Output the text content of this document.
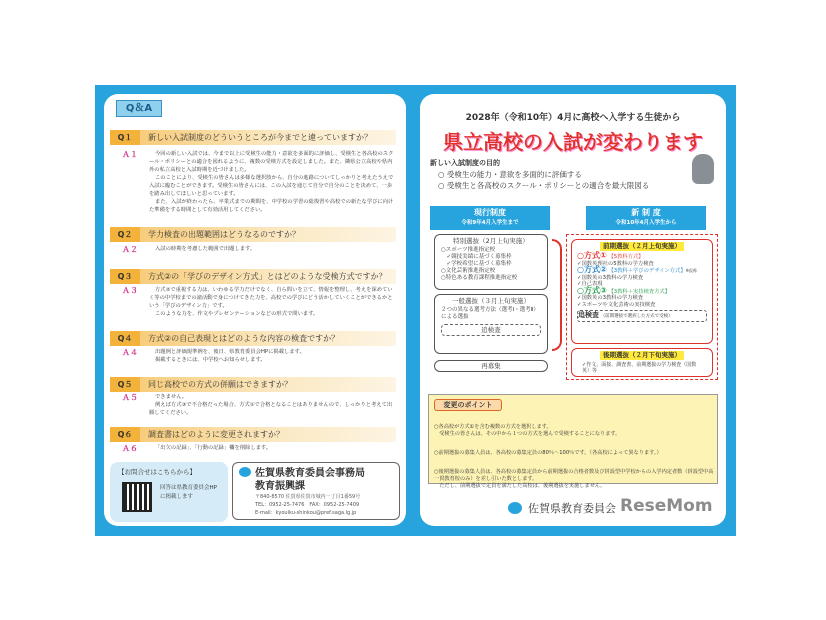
Q＆A
Q１ 新しい入試制度のどういうところが今までと違っていますか？
Ａ１	今回の新しい入試では、今まで以上に受検生の能力・意欲を多面的に評価し、受検生と各高校のスクール・ポリシーとの適合を図れるように、複数の受検方式を設定しました。また、隣県公立高校や県内外の私立高校と入試時期を近づけました。
このことにより、受検生の皆さんは多様な選択肢から、自分の進路についてしっかりと考えたうえで入試に臨むことができます。受検生の皆さんには、この入試を通じて自分で自分のことを決めて、一歩を踏み出してほしいと思っています。
また、入試が終わったら、卒業式までの期間を、中学校の学習の総復習や高校での新たな学びに向けた準備をする時間として有効活用してください。
Q２ 学力検査の出題範囲はどうなるのですか？
Ａ２	入試の時期を考慮した範囲で出題します。
Q３ 方式②の「学びのデザイン方式」とはどのような受検方式ですか？
Ａ３	方式②で重視する力は、いわゆる学力だけでなく、自ら問いを立て、情報を整理し、考えを深めていく等の中学校までの諸活動で身につけてきた力を、高校での学びにどう活かしていくことができるかという「学びのデザイン力」です。
このような力を、作文やプレゼンテーションなどの形式で問います。
Q４ 方式②の自己表現とはどのような内容の検査ですか？
Ａ４	出題例と評価規準例を、後日、県教育委員会HPに掲載します。
掲載するときには、中学校へお知らせします。
Q５ 同じ高校での方式の併願はできますか？
Ａ５	できません。
例えば方式③で不合格だった場合、方式①で合格となることはありませんので、しっかりと考えて出願してください。
Q６ 調査書はどのように変更されますか？
Ａ６	「出欠の記録」、「行動の記録」欄を削除します。
【お問合せはこちらから】
回答は県教育委員会HPに掲載します
佐賀県教育委員会事務局
教育振興課
〒840-8570 佐賀県佐賀市城内一丁目1番59号
TEL：0952-25-7476　FAX：0952-25-7409
E-mail：kyouiku-shinkou@pref.saga.lg.jp
2028年（令和10年）4月に高校へ入学する生徒から
県立高校の入試が変わります
新しい入試制度の目的
○ 受検生の能力・意欲を多面的に評価する
○ 受検生と各高校のスクール・ポリシーとの適合を最大限図る
現行制度
令和9年4月入学生まで
特別選抜（2月上旬実施）
○スポーツ推進指定校
　✓競技実績に基づく募集枠
　✓学校希望に基づく募集枠
○文化芸術推進指定校
○特色ある教育課程推進指定校
一般選抜（３月上旬実施）
２つの異なる選考方法（選考Ⅰ・選考Ⅱ）による選抜
追検査
再募集
新 制 度
令和10年4月入学生から
前期選抜（２月上旬実施）
○方式① 【5教科方式】
✓国数英理社の5教科の学力検査
○方式② 【3教科＋学びのデザイン方式】※仮称
✓国数英の3教科の学力検査
✓自己表現
○方式③ 【3教科＋実技検査方式】
✓国数英の3教科の学力検査
✓スポーツや文化芸術の実技検査
追検査 （前期選抜で選択した方式で受検）
後期選抜（２月下旬実施）
✓作文、面接、調査書、前期選抜の学力検査（国数英）等
変更のポイント

○各高校が方式①を含む複数の方式を選択します。
　受検生の皆さんは、その中から１つの方式を選んで受検することになります。

○前期選抜の募集人員は、各高校の募集定員の80％～100％です。（各高校によって異なります。）

○後期選抜の募集人員は、各高校の募集定員から前期選抜の合格者数及び併設型中学校からの入学内定者数（併設型中高一貫教育校のみ）を差し引いた数とします。
　ただし、前期選抜で定員を満たした高校は、後期選抜を実施しません。

佐賀県教育委員会 ReseMom
